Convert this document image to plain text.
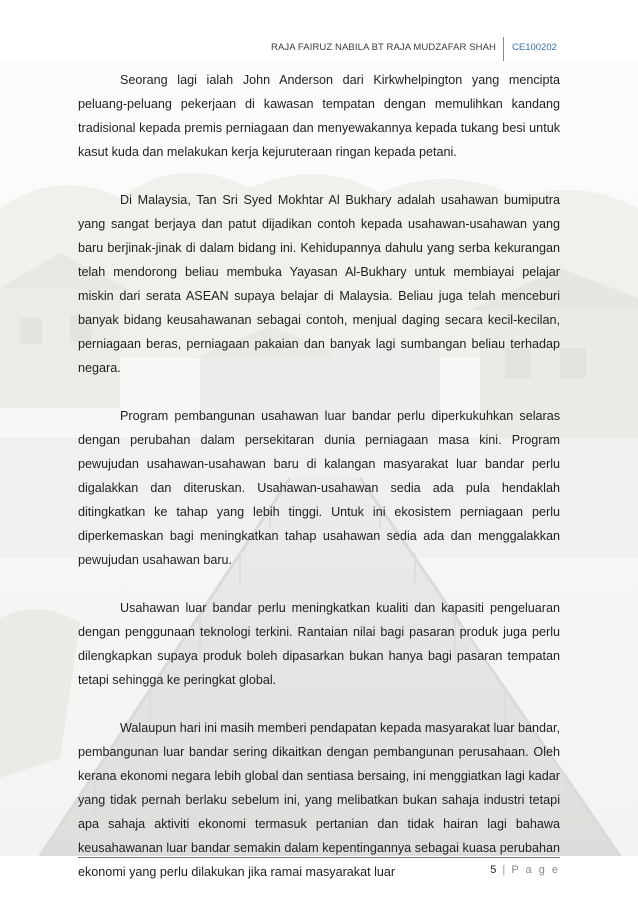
RAJA FAIRUZ NABILA BT RAJA MUDZAFAR SHAH CE100202

Seorang lagi ialah John Anderson dari Kirkwhelpington yang mencipta peluang-peluang pekerjaan di kawasan tempatan dengan memulihkan kandang tradisional kepada premis perniagaan dan menyewakannya kepada tukang besi untuk kasut kuda dan melakukan kerja kejuruteraan ringan kepada petani.

Di Malaysia, Tan Sri Syed Mokhtar Al Bukhary adalah usahawan bumiputra yang sangat berjaya dan patut dijadikan contoh kepada usahawan-usahawan yang baru berjinak-jinak di dalam bidang ini. Kehidupannya dahulu yang serba kekurangan telah mendorong beliau membuka Yayasan Al-Bukhary untuk membiayai pelajar miskin dari serata ASEAN supaya belajar di Malaysia. Beliau juga telah menceburi banyak bidang keusahawanan sebagai contoh, menjual daging secara kecil-kecilan, perniagaan beras, perniagaan pakaian dan banyak lagi sumbangan beliau terhadap negara.

Program pembangunan usahawan luar bandar perlu diperkukuhkan selaras dengan perubahan dalam persekitaran dunia perniagaan masa kini. Program pewujudan usahawan-usahawan baru di kalangan masyarakat luar bandar perlu digalakkan dan diteruskan. Usahawan-usahawan sedia ada pula hendaklah ditingkatkan ke tahap yang lebih tinggi. Untuk ini ekosistem perniagaan perlu diperkemaskan bagi meningkatkan tahap usahawan sedia ada dan menggalakkan pewujudan usahawan baru.

Usahawan luar bandar perlu meningkatkan kualiti dan kapasiti pengeluaran dengan penggunaan teknologi terkini. Rantaian nilai bagi pasaran produk juga perlu dilengkapkan supaya produk boleh dipasarkan bukan hanya bagi pasaran tempatan tetapi sehingga ke peringkat global.

Walaupun hari ini masih memberi pendapatan kepada masyarakat luar bandar, pembangunan luar bandar sering dikaitkan dengan pembangunan perusahaan. Oleh kerana ekonomi negara lebih global dan sentiasa bersaing, ini menggiatkan lagi kadar yang tidak pernah berlaku sebelum ini, yang melibatkan bukan sahaja industri tetapi apa sahaja aktiviti ekonomi termasuk pertanian dan tidak hairan lagi bahawa keusahawanan luar bandar semakin dalam kepentingannya sebagai kuasa perubahan ekonomi yang perlu dilakukan jika ramai masyarakat luar	5 | P a g e
